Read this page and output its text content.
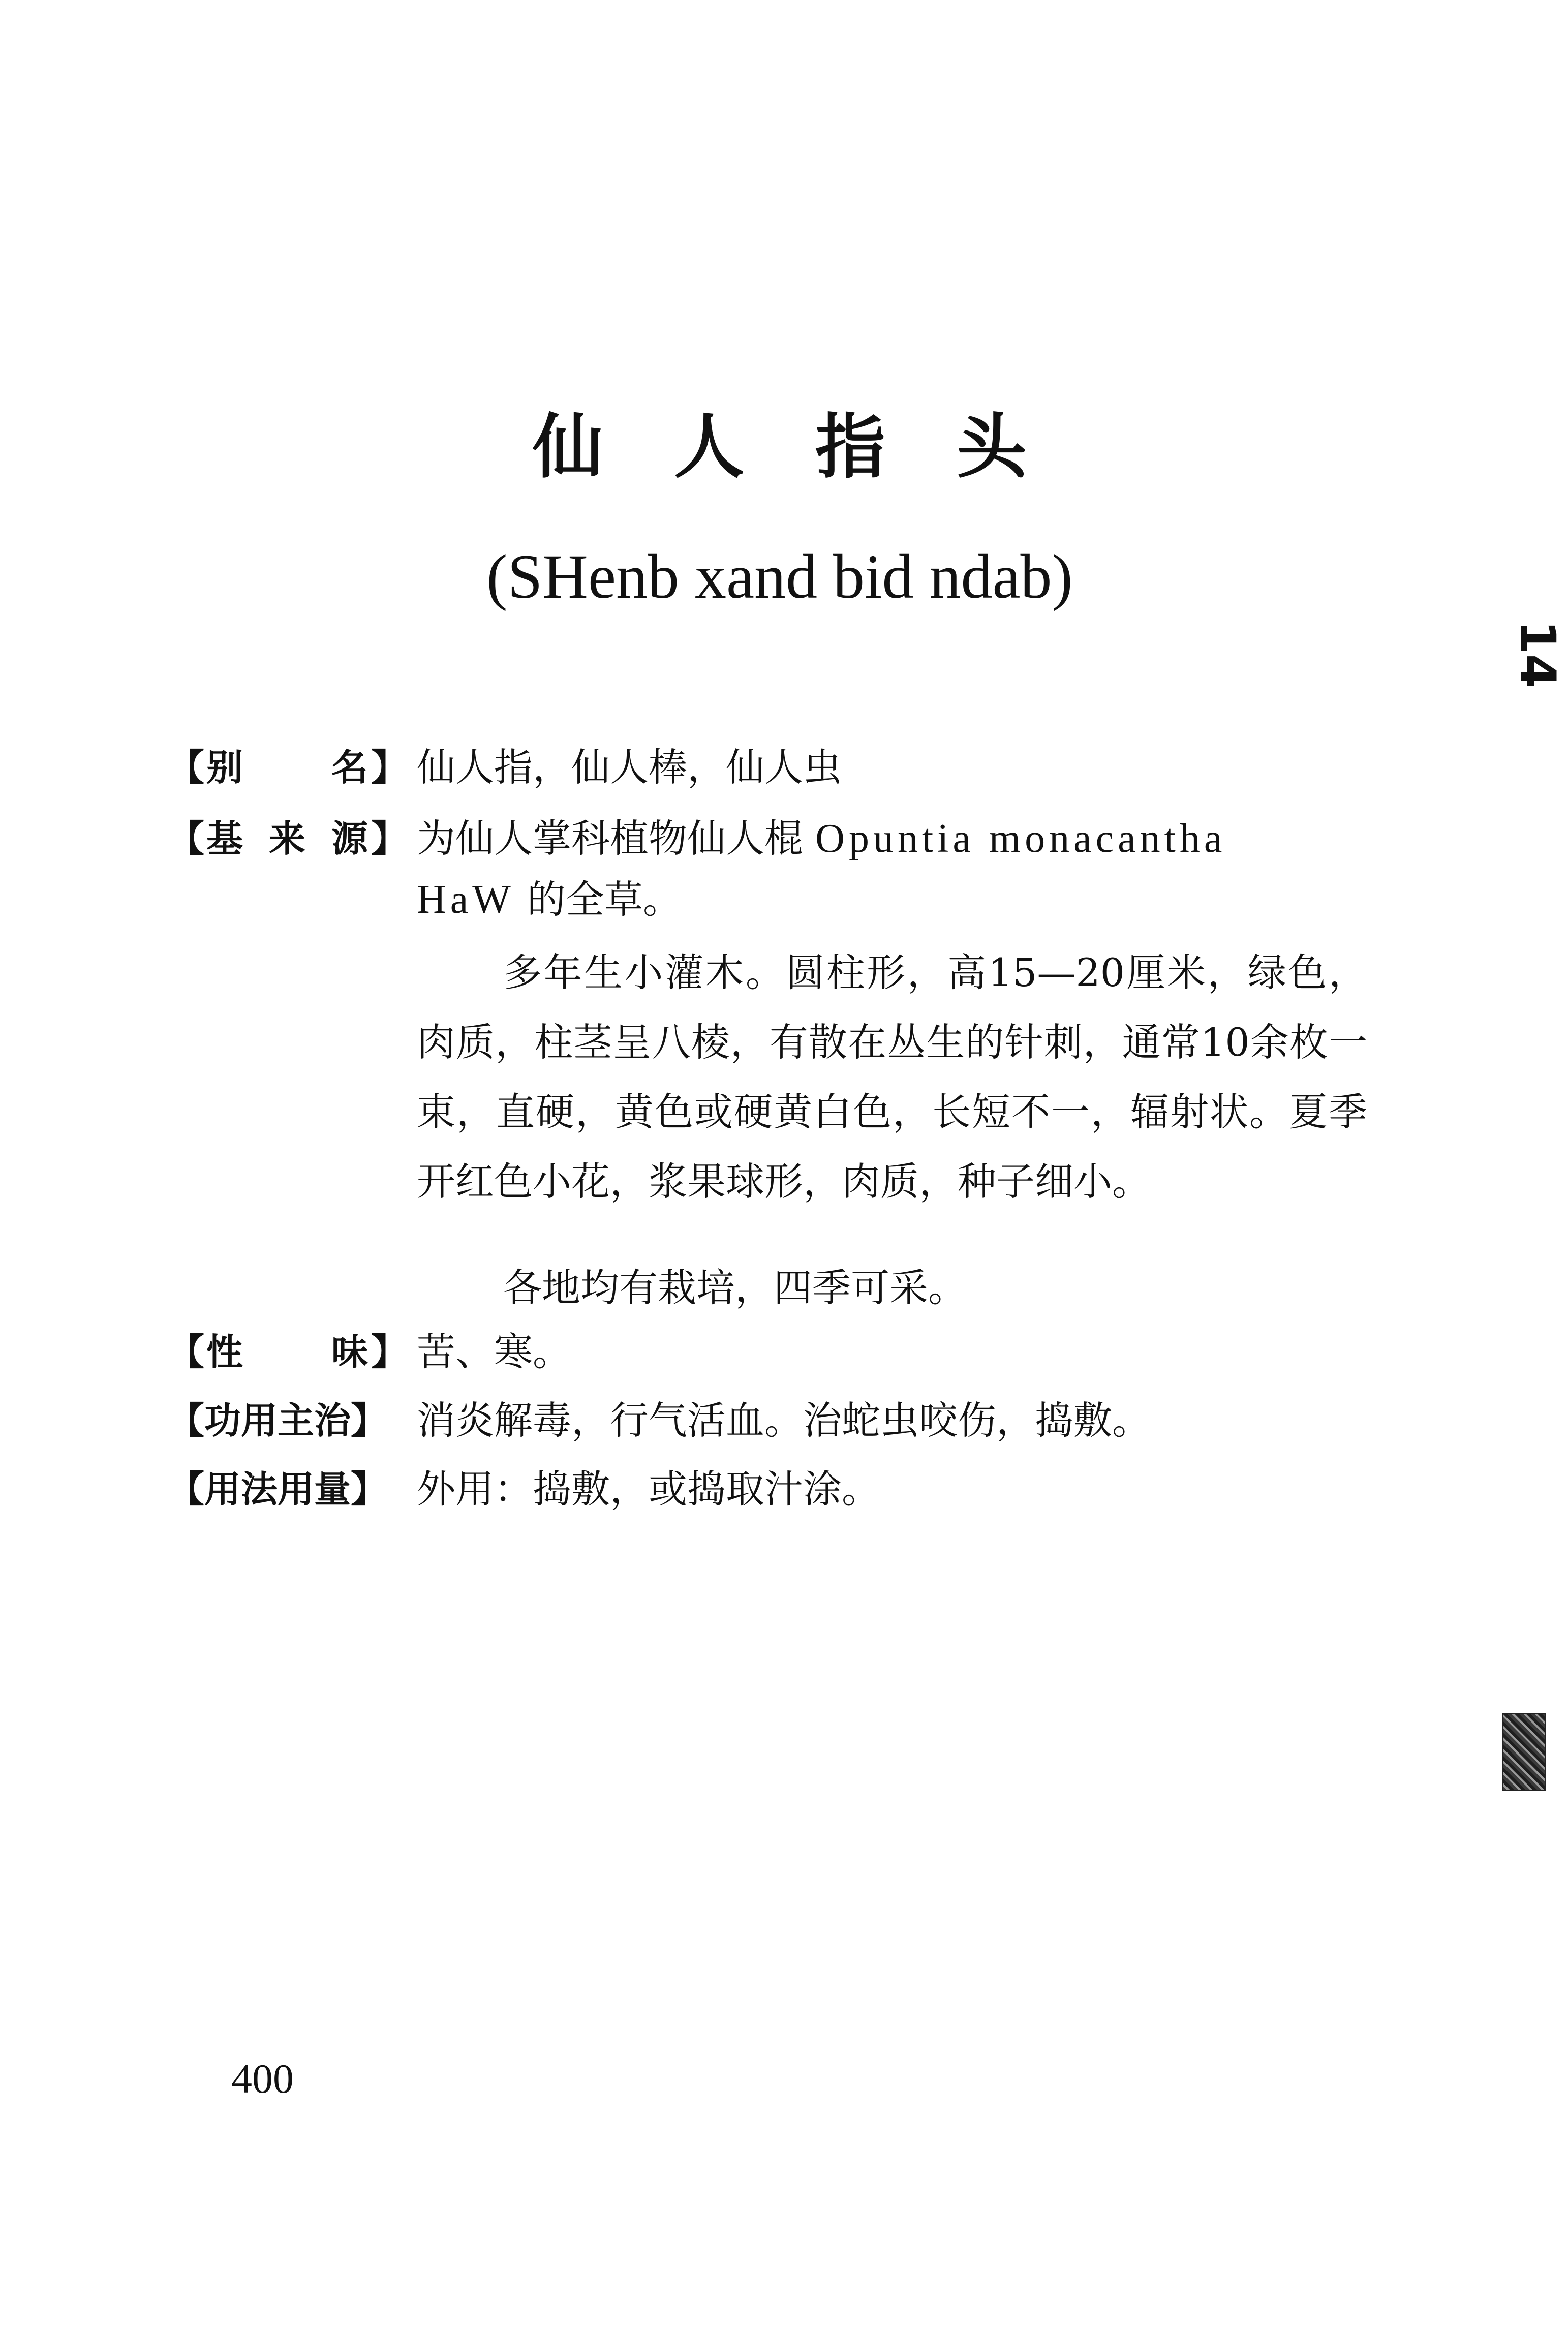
仙人指头
(SHenb xand bid ndab)
14
【 别 名 】 仙人指，仙人棒，仙人虫
【 基 来 源 】 为仙人掌科植物仙人棍 Opuntia monacantha
HaW 的全草。
多年生小灌木。圆柱形，高15—20厘米，绿色，肉质，柱茎呈八棱，有散在丛生的针刺，通常10余枚一束，直硬，黄色或硬黄白色，长短不一，辐射状。夏季开红色小花，浆果球形，肉质，种子细小。
各地均有栽培，四季可采。
【 性 味 】 苦、寒。
【功用主治】 消炎解毒，行气活血。治蛇虫咬伤，捣敷。
【用法用量】 外用：捣敷，或捣取汁涂。
400
